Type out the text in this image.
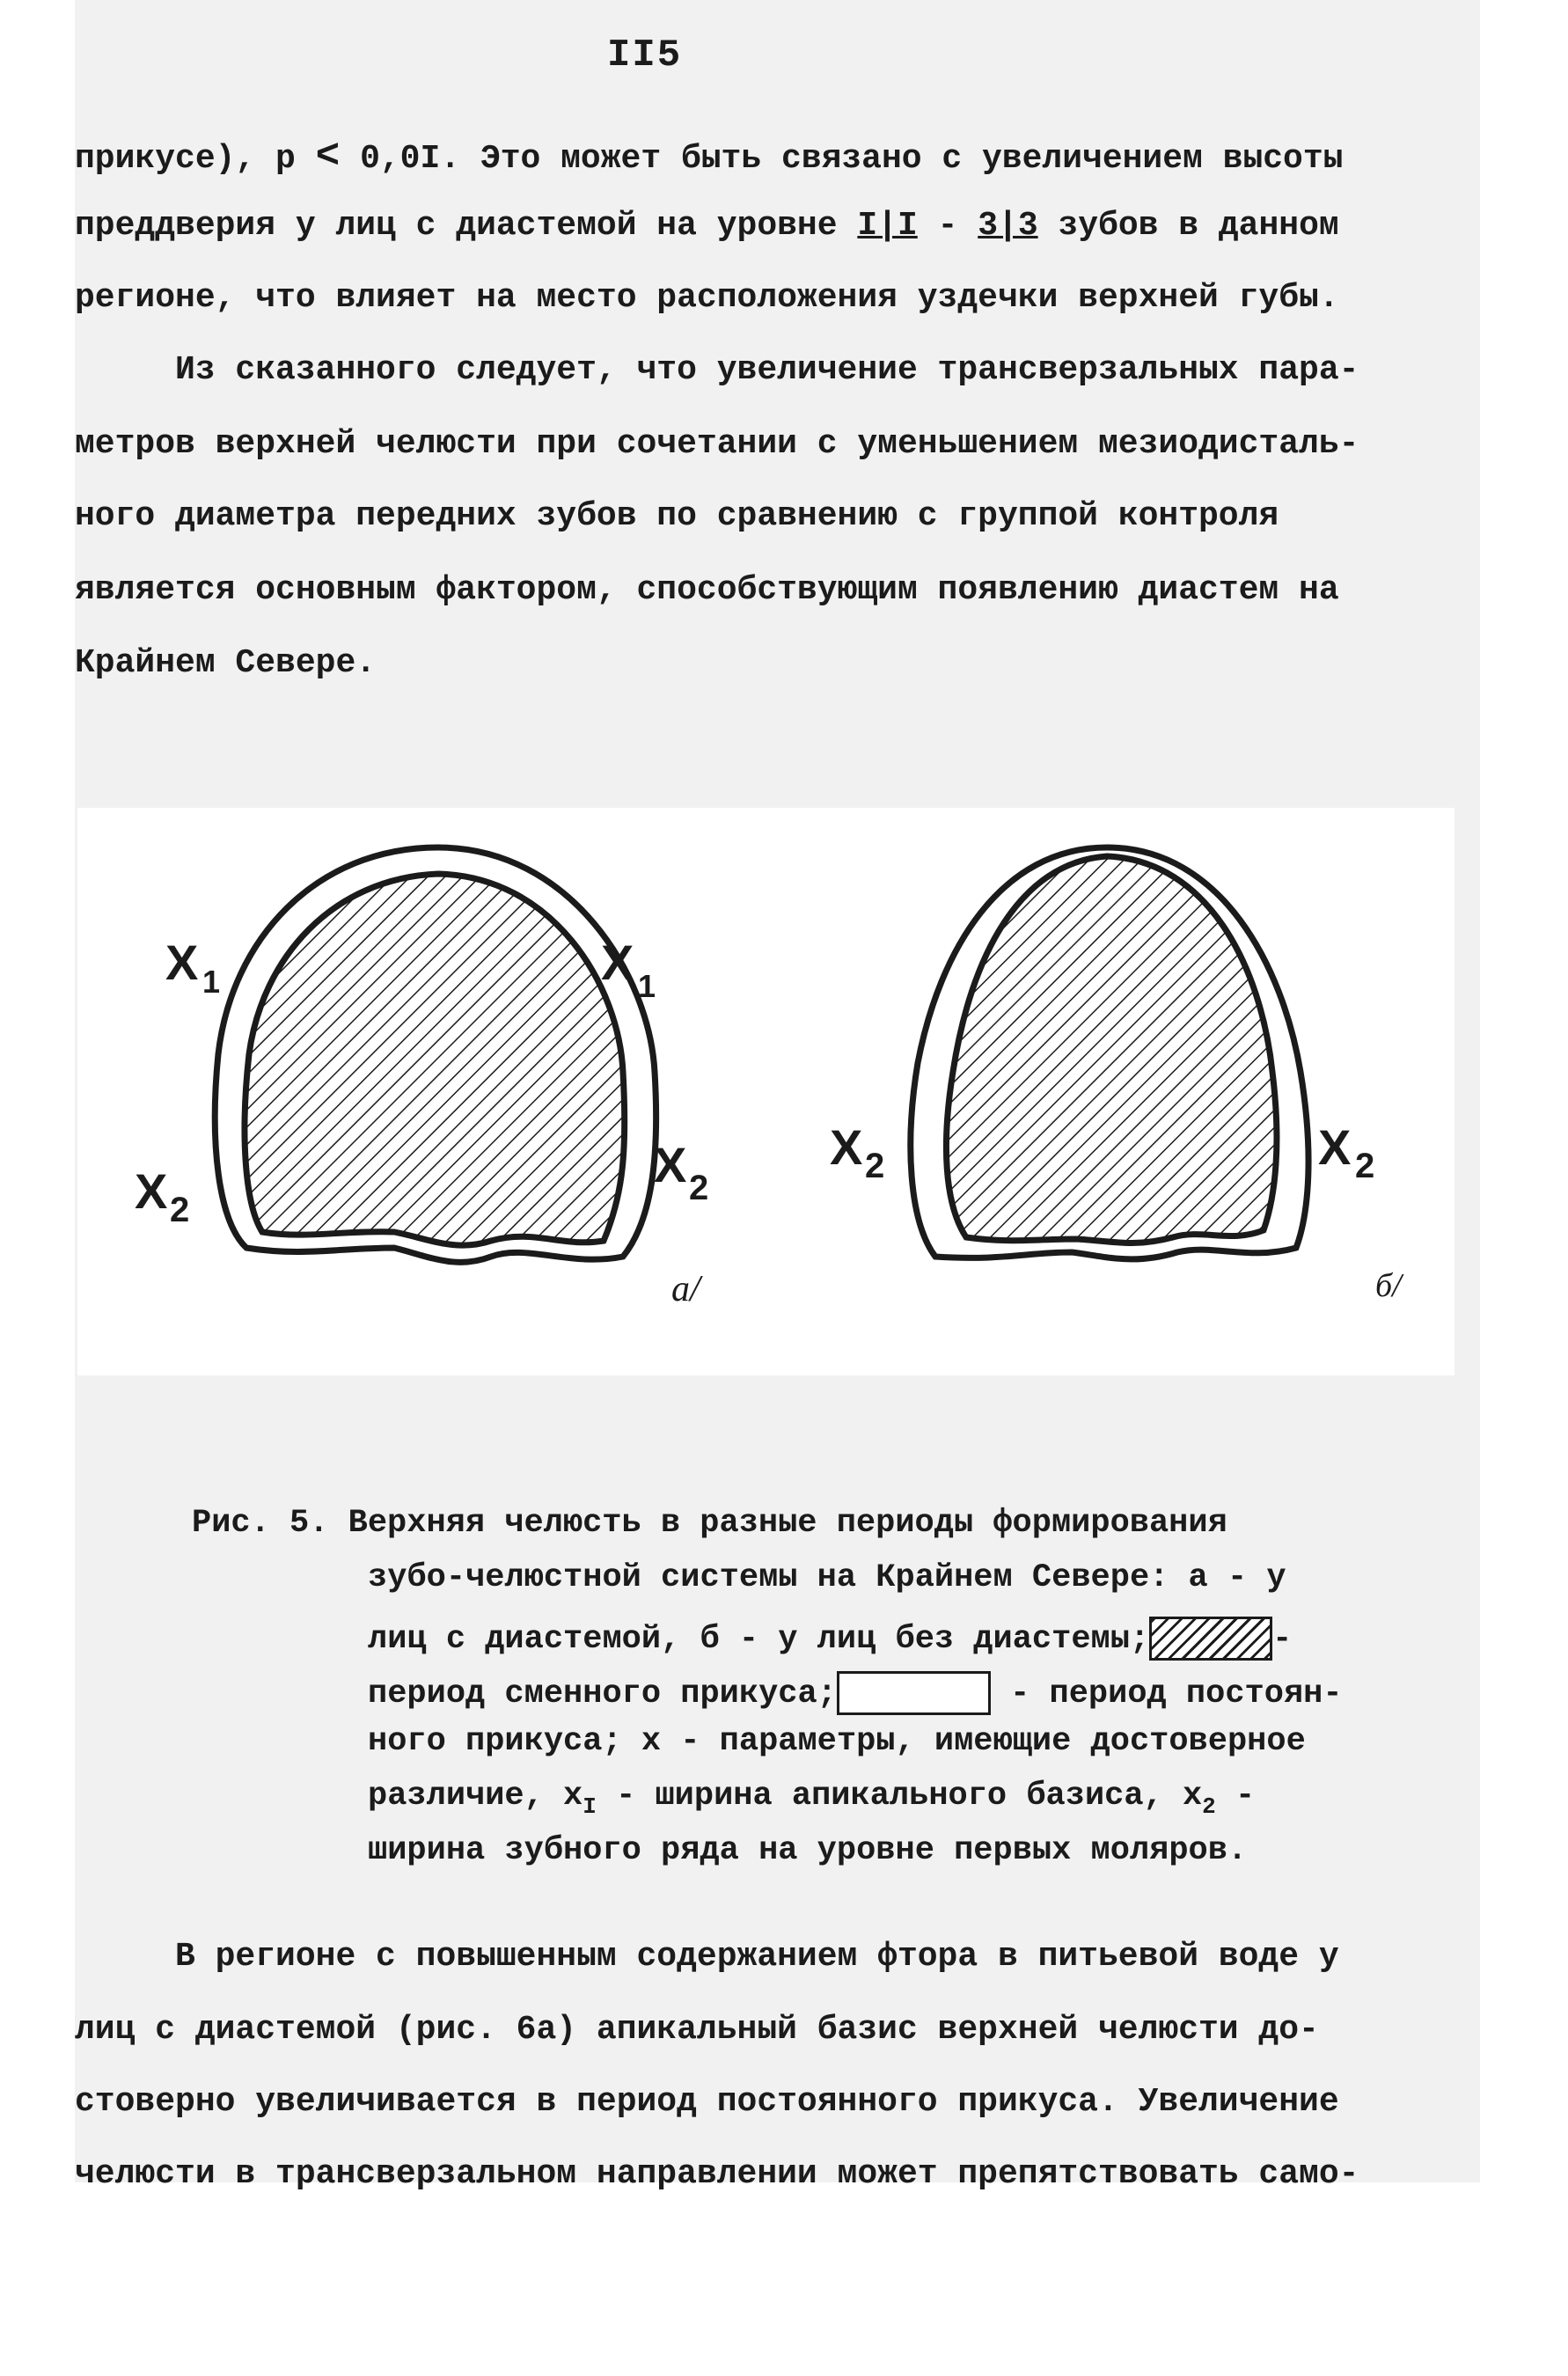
II5
прикусе), р < 0,0I. Это может быть связано с увеличением высоты
преддверия у лиц с диастемой на уровне I|I - 3|3 зубов в данном
регионе, что влияет на место расположения уздечки верхней губы.
Из сказанного следует, что увеличение трансверзальных пара-
метров верхней челюсти при сочетании с уменьшением мезиодисталь-
ного диаметра передних зубов по сравнению с группой контроля
является основным фактором, способствующим появлению диастем на
Крайнем Севере.
X 1	X 1
X 2
X 2
а/
X 2	X 2
б/
Рис. 5. Верхняя челюсть в разные периоды формирования
зубо-челюстной системы на Крайнем Севере: а - у
лиц с диастемой, б - у лиц без диастемы;	-
период сменного прикуса;	- период постоян-
ного прикуса; х - параметры, имеющие достоверное
различие, $x_I$ - ширина апикального базиса, $x_2$ -
ширина зубного ряда на уровне первых моляров.
В регионе с повышенным содержанием фтора в питьевой воде у
лиц с диастемой (рис. 6а) апикальный базис верхней челюсти до-
стоверно увеличивается в период постоянного прикуса. Увеличение
челюсти в трансверзальном направлении может препятствовать само-
